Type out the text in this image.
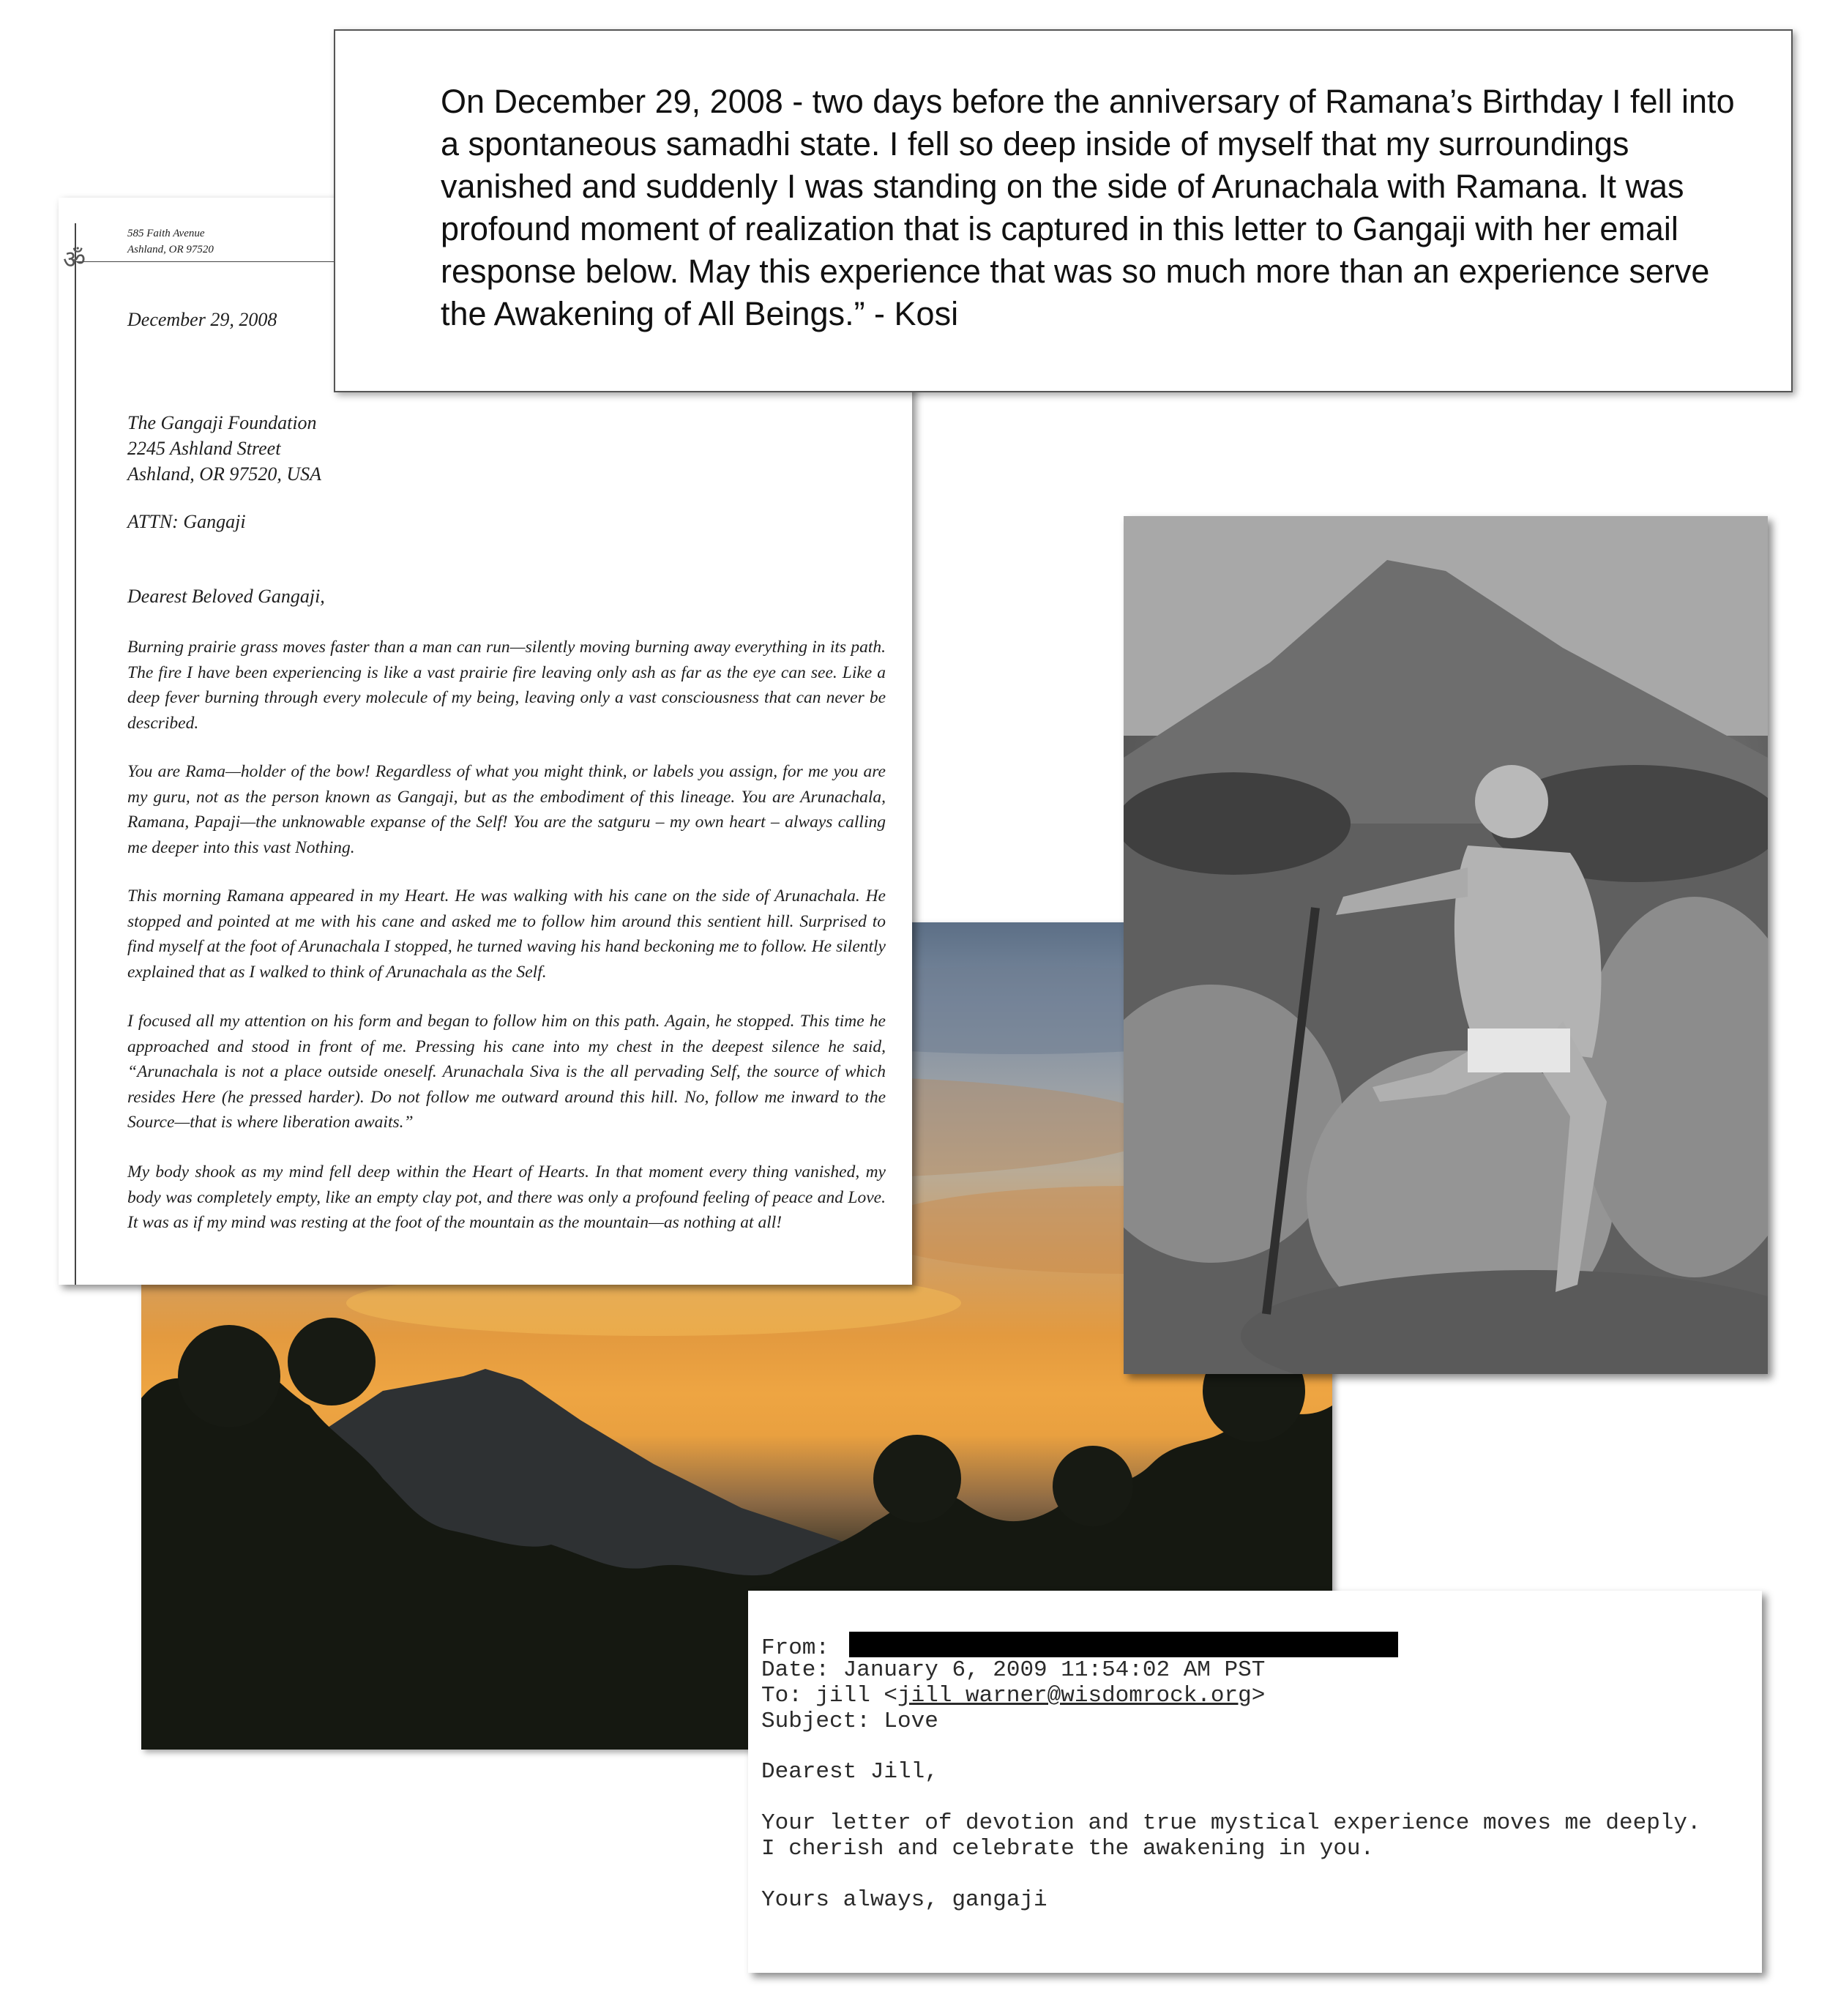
ॐ
585 Faith Avenue
Ashland, OR 97520
December 29, 2008
The Gangaji Foundation
2245 Ashland Street
Ashland, OR 97520, USA
ATTN: Gangaji
Dearest Beloved Gangaji,

Burning prairie grass moves faster than a man can run—silently moving burning away everything in its path. The fire I have been experiencing is like a vast prairie fire leaving only ash as far as the eye can see. Like a deep fever burning through every molecule of my being, leaving only a vast consciousness that can never be described.

You are Rama—holder of the bow! Regardless of what you might think, or labels you assign, for me you are my guru, not as the person known as Gangaji, but as the embodiment of this lineage. You are Arunachala, Ramana, Papaji—the unknowable expanse of the Self! You are the satguru – my own heart – always calling me deeper into this vast Nothing.

This morning Ramana appeared in my Heart. He was walking with his cane on the side of Arunachala. He stopped and pointed at me with his cane and asked me to follow him around this sentient hill. Surprised to find myself at the foot of Arunachala I stopped, he turned waving his hand beckoning me to follow. He silently explained that as I walked to think of Arunachala as the Self.

I focused all my attention on his form and began to follow him on this path. Again, he stopped. This time he approached and stood in front of me. Pressing his cane into my chest in the deepest silence he said, “Arunachala is not a place outside oneself. Arunachala Siva is the all pervading Self, the source of which resides Here (he pressed harder). Do not follow me outward around this hill. No, follow me inward to the Source—that is where liberation awaits.”

My body shook as my mind fell deep within the Heart of Hearts. In that moment every thing vanished, my body was completely empty, like an empty clay pot, and there was only a profound feeling of peace and Love. It was as if my mind was resting at the foot of the mountain as the mountain—as nothing at all!

On December 29, 2008 - two days before the anniversary of Ramana’s Birthday I fell into a spontaneous samadhi state. I fell so deep inside of myself that my surroundings vanished and suddenly I was standing on the side of Arunachala with Ramana. It was profound moment of realization that is captured in this letter to Gangaji with her email response below. May this experience that was so much more than an experience serve the Awakening of All Beings.” - Kosi

From:
Date: January 6, 2009 11:54:02 AM PST
To: jill <jill_warner@wisdomrock.org>
Subject: Love
Dearest Jill,
Your letter of devotion and true mystical experience moves me deeply.
I cherish and celebrate the awakening in you.
Yours always, gangaji
